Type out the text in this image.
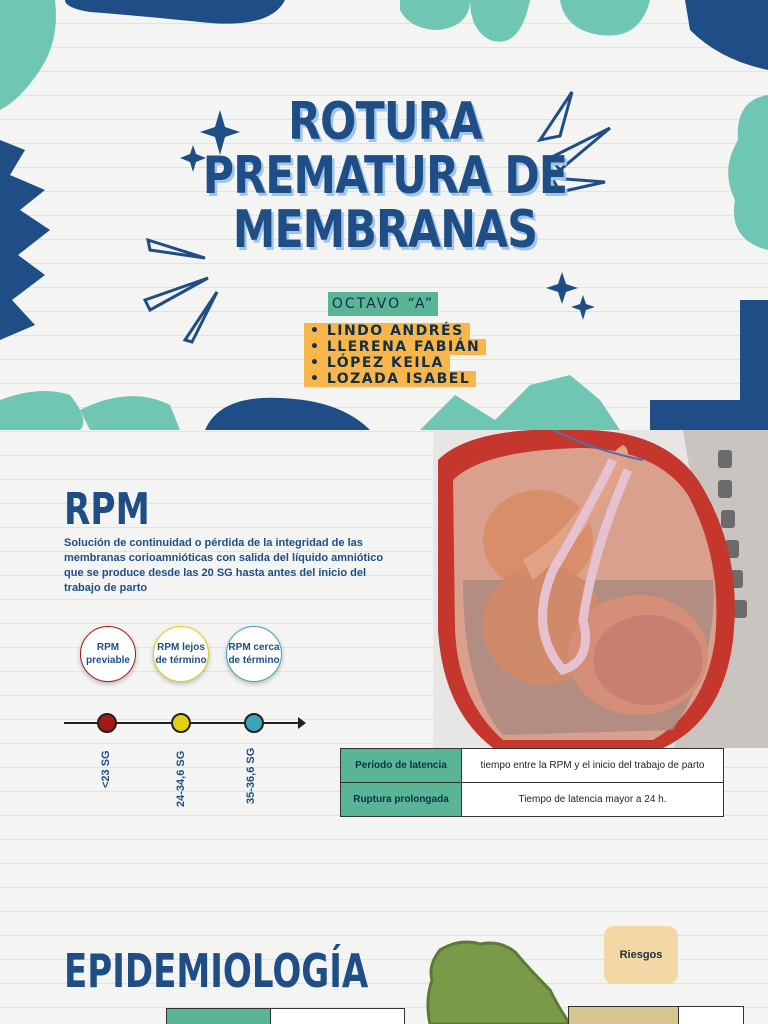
ROTURA
PREMATURA DE
MEMBRANAS
OCTAVO “A”
• LINDO ANDRÉS
• LLERENA FABIÁN
• LÓPEZ KEILA
• LOZADA ISABEL
RPM
Solución de continuidad o pérdida de la integridad de las membranas corioamnióticas con salida del líquido amniótico que se produce desde las 20 SG hasta antes del inicio del trabajo de parto
RPM previable
RPM lejos de término
RPM cerca de término
<23 SG	24-34,6 SG	35-36,6 SG	Período de latencia	tiempo entre la RPM y el inicio del trabajo de parto
Ruptura prolongada	Tiempo de latencia mayor a 24 h.
EPIDEMIOLOGÍA	Riesgos
